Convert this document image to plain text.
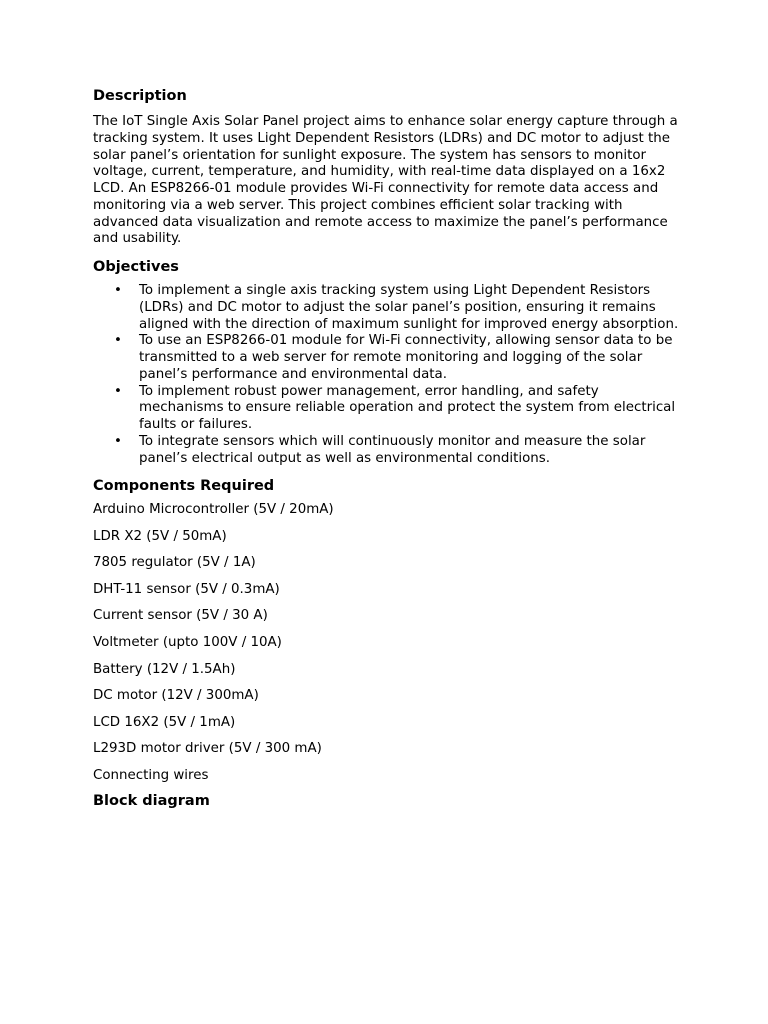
Description

The IoT Single Axis Solar Panel project aims to enhance solar energy capture through a tracking system. It uses Light Dependent Resistors (LDRs) and DC motor to adjust the solar panel’s orientation for sunlight exposure. The system has sensors to monitor voltage, current, temperature, and humidity, with real-time data displayed on a 16x2 LCD. An ESP8266-01 module provides Wi-Fi connectivity for remote data access and monitoring via a web server. This project combines efficient solar tracking with advanced data visualization and remote access to maximize the panel’s performance and usability.

Objectives
• To implement a single axis tracking system using Light Dependent Resistors (LDRs) and DC motor to adjust the solar panel’s position, ensuring it remains aligned with the direction of maximum sunlight for improved energy absorption.
• To use an ESP8266-01 module for Wi-Fi connectivity, allowing sensor data to be transmitted to a web server for remote monitoring and logging of the solar panel’s performance and environmental data.
• To implement robust power management, error handling, and safety mechanisms to ensure reliable operation and protect the system from electrical faults or failures.
• To integrate sensors which will continuously monitor and measure the solar panel’s electrical output as well as environmental conditions.
Components Required

Arduino Microcontroller (5V / 20mA)

LDR X2 (5V / 50mA)

7805 regulator (5V / 1A)

DHT-11 sensor (5V / 0.3mA)

Current sensor (5V / 30 A)

Voltmeter (upto 100V / 10A)

Battery (12V / 1.5Ah)

DC motor (12V / 300mA)

LCD 16X2 (5V / 1mA)

L293D motor driver (5V / 300 mA)

Connecting wires

Block diagram
